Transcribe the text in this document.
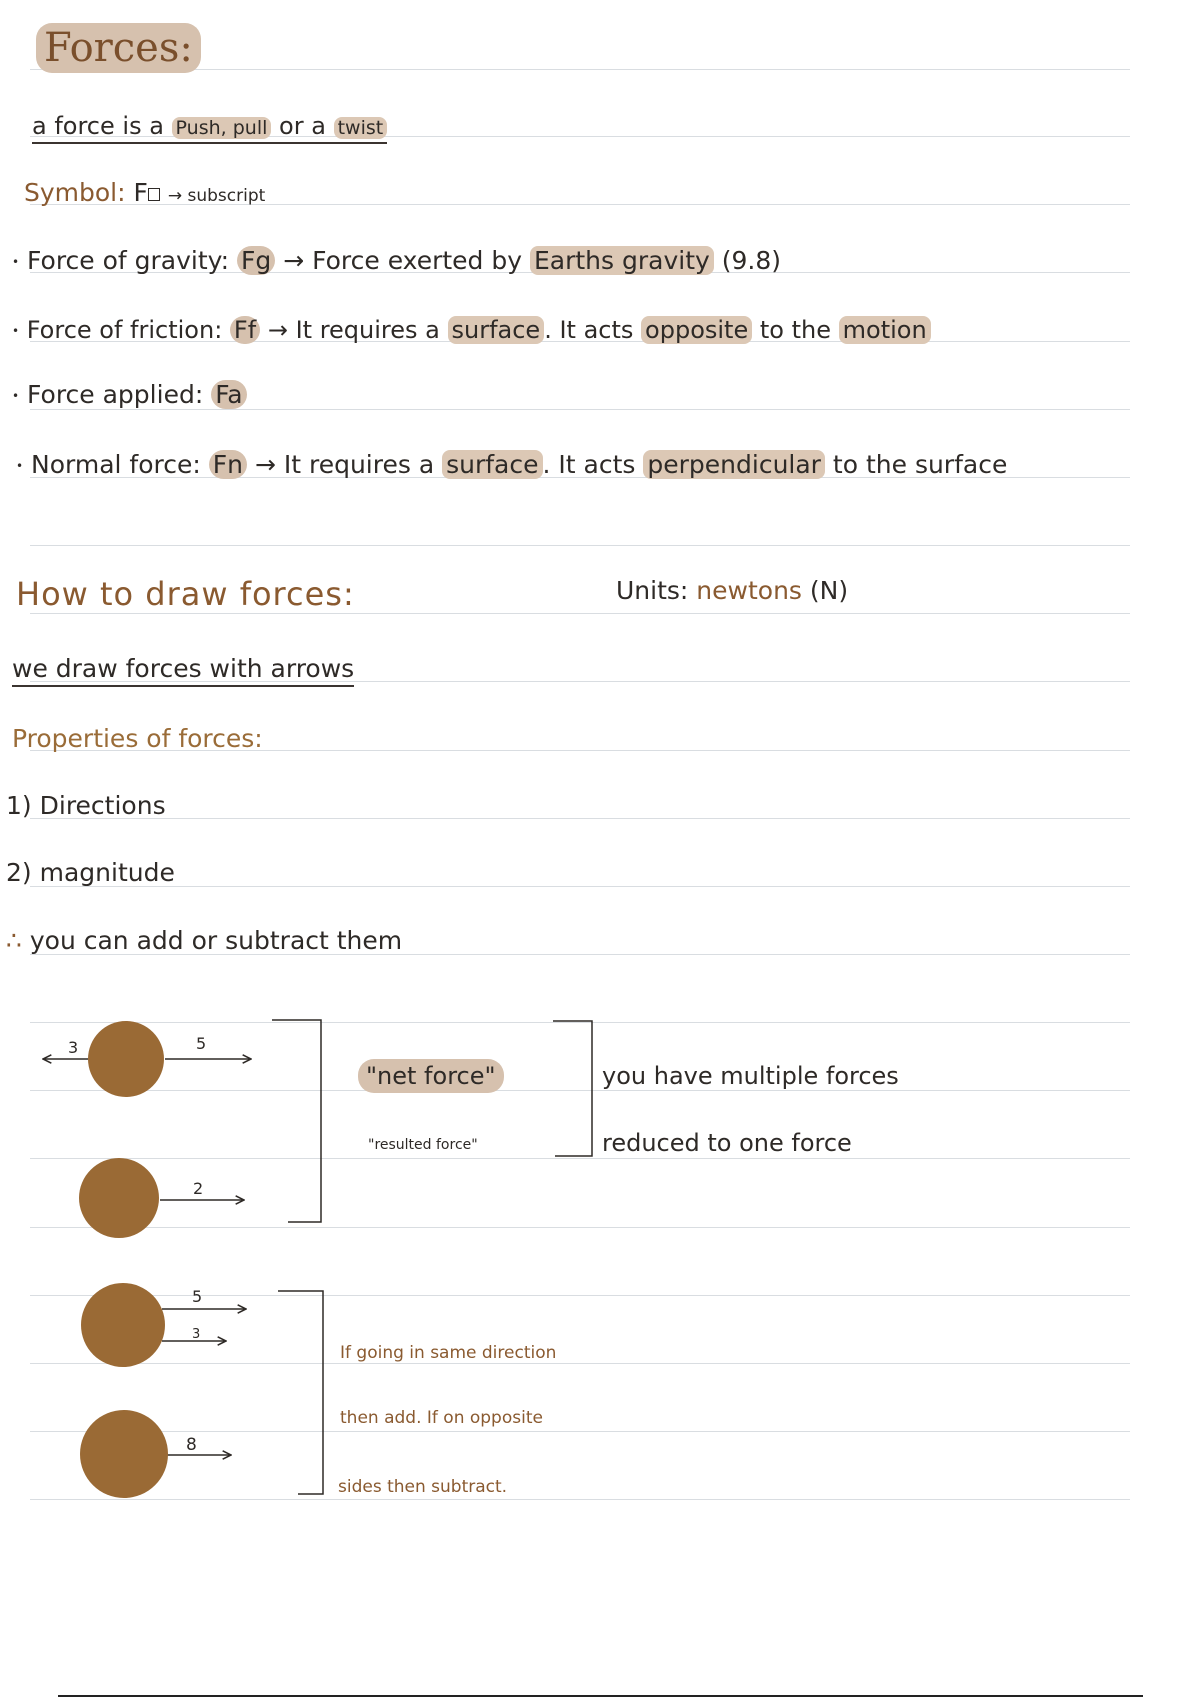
Forces:
a force is a Push, pull or a twist
Symbol: F → subscript
• Force of gravity: Fg → Force exerted by Earths gravity (9.8)
• Force of friction: Ff → It requires a surface . It acts opposite to the motion
• Force applied: Fa
• Normal force: Fn → It requires a surface . It acts perpendicular to the surface
How to draw forces:	Units: newtons (N)
we draw forces with arrows
Properties of forces:
1) Directions
2) magnitude
∴ you can add or subtract them
"net force"
"resulted force"
you have multiple forces
reduced to one force
If going in same direction
then add. If on opposite
sides then subtract.
3	5
2
5
3
8
